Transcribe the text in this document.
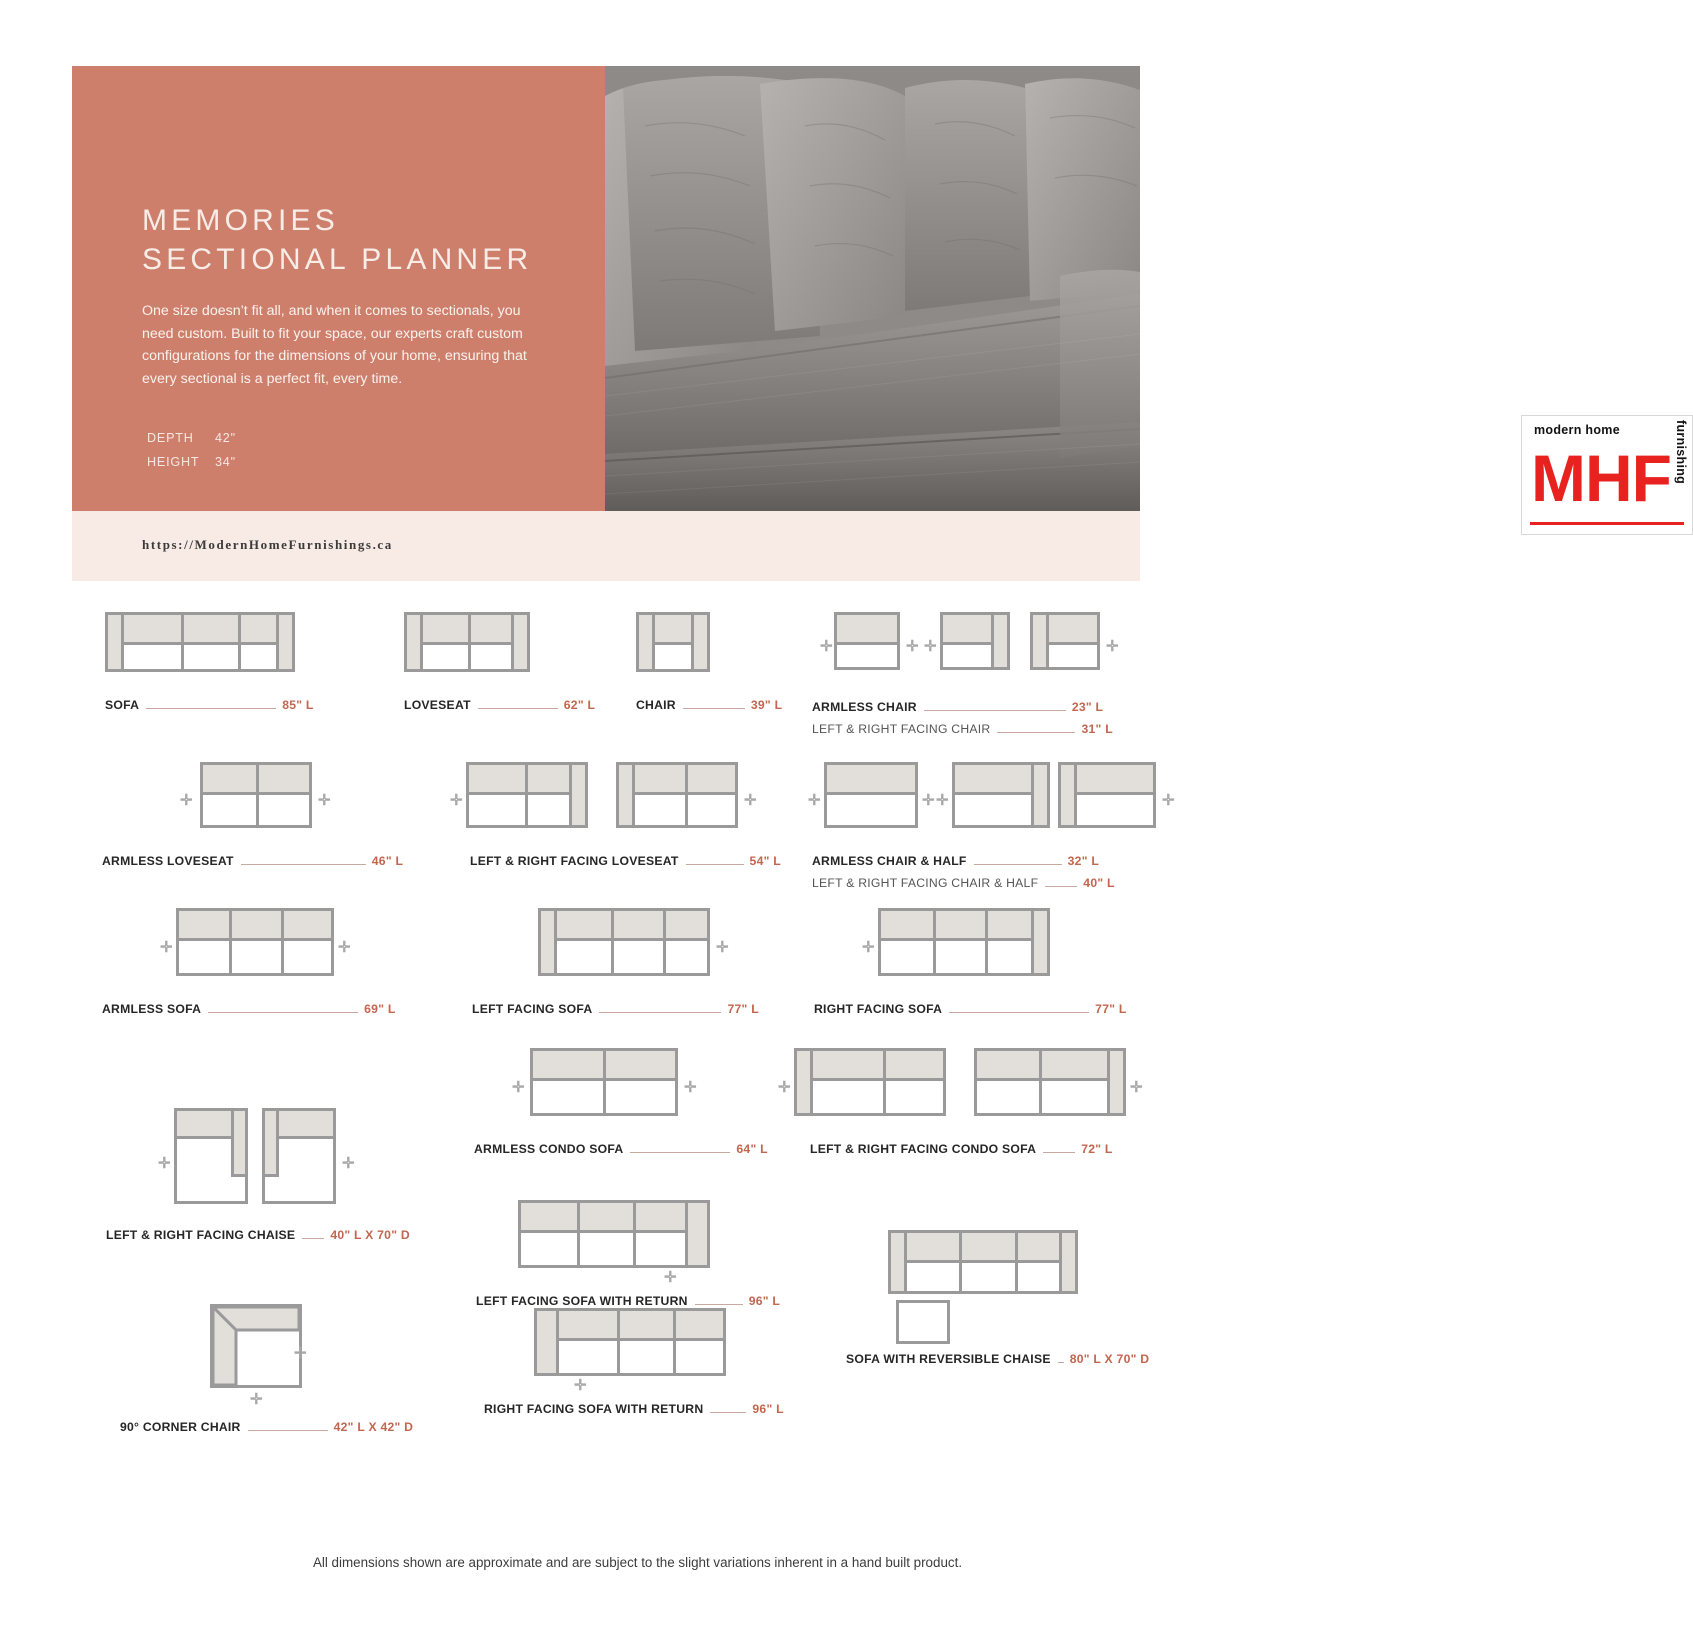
MEMORIES
SECTIONAL PLANNER
One size doesn’t fit all, and when it comes to sectionals, you need custom. Built to fit your space, our experts craft custom configurations for the dimensions of your home, ensuring that every sectional is a perfect fit, every time.
DEPTH	42"
HEIGHT	34"
modern home	furnishing
MHF
https://ModernHomeFurnishings.ca
SOFA	85" L	LOVESEAT	62" L	CHAIR	39" L
✛	✛ ✛	✛
ARMLESS CHAIR	23" L
LEFT & RIGHT FACING CHAIR	31" L
✛	✛
ARMLESS LOVESEAT	46" L
✛	✛
LEFT & RIGHT FACING LOVESEAT	54" L
✛	✛ ✛	✛
ARMLESS CHAIR & HALF	32" L
LEFT & RIGHT FACING CHAIR & HALF	40" L
✛	✛
ARMLESS SOFA	69" L
✛
LEFT FACING SOFA	77" L
✛
RIGHT FACING SOFA	77" L
✛	✛
ARMLESS CONDO SOFA	64" L
✛	✛
LEFT & RIGHT FACING CONDO SOFA	72" L
✛	✛
LEFT & RIGHT FACING CHAISE	40" L X 70" D
✛
LEFT FACING SOFA WITH RETURN	96" L
SOFA WITH REVERSIBLE CHAISE 80" L X 70" D
✛
✛
90° CORNER CHAIR	42" L X 42" D
✛
RIGHT FACING SOFA WITH RETURN	96" L
All dimensions shown are approximate and are subject to the slight variations inherent in a hand built product.
